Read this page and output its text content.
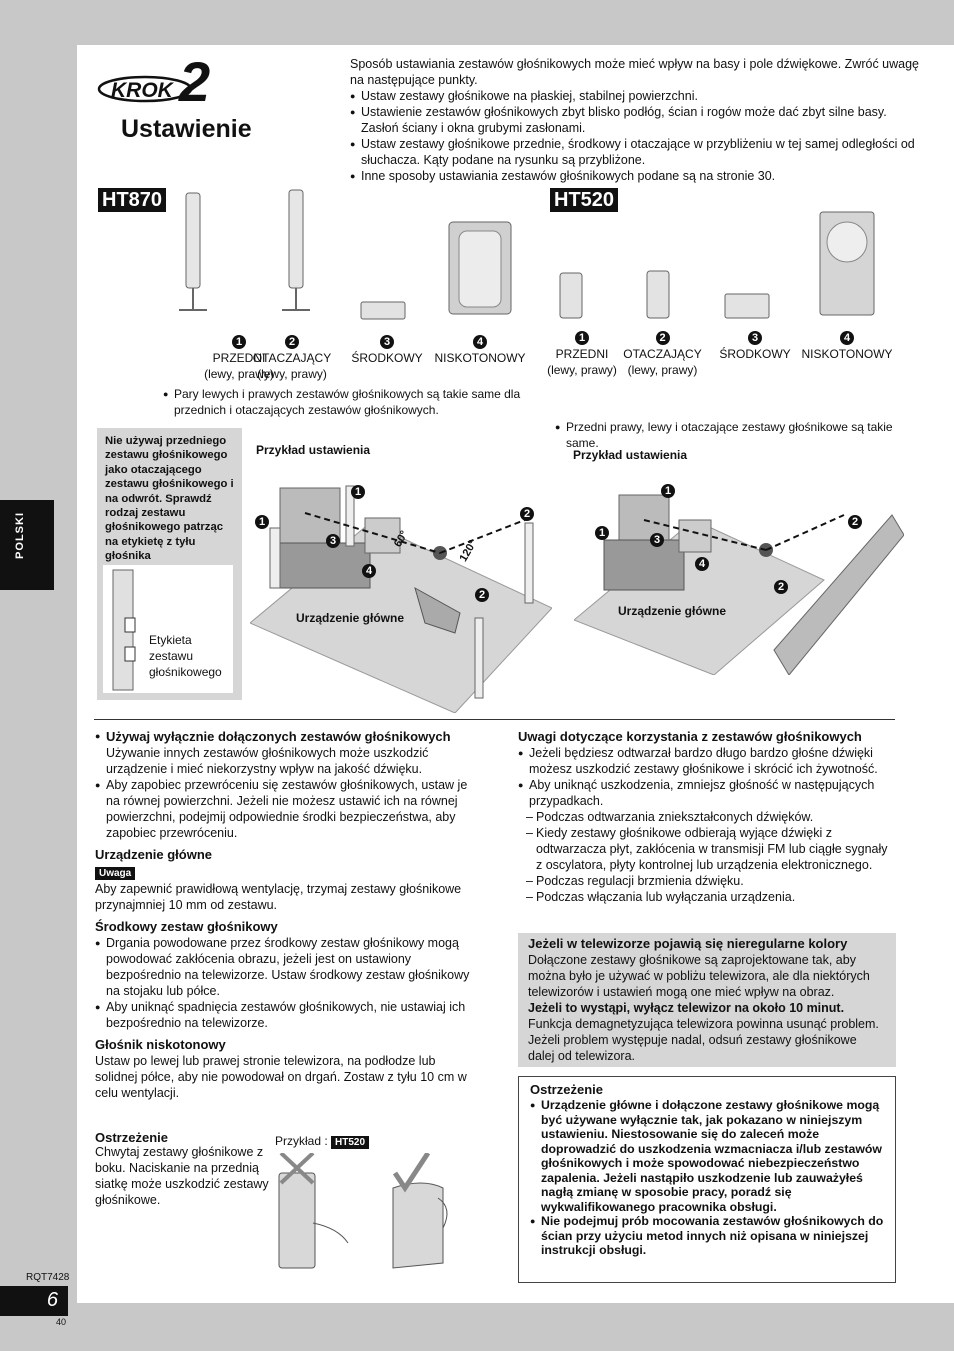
POLSKI
RQT7428
6
40
KROK 2
Ustawienie
Sposób ustawiania zestawów głośnikowych może mieć wpływ na basy i pole dźwiękowe. Zwróć uwagę na następujące punkty.
● Ustaw zestawy głośnikowe na płaskiej, stabilnej powierzchni.
● Ustawienie zestawów głośnikowych zbyt blisko podłóg, ścian i rogów może dać zbyt silne basy. Zasłoń ściany i okna grubymi zasłonami.
● Ustaw zestawy głośnikowe przednie, środkowy i otaczające w przybliżeniu w tej samej odległości od słuchacza. Kąty podane na rysunku są przybliżone.
● Inne sposoby ustawiania zestawów głośnikowych podane są na stronie 30.
HT870
1
PRZEDNI
(lewy, prawy)
2
OTACZAJĄCY
(lewy, prawy)
3
ŚRODKOWY
4
NISKOTONOWY
● Pary lewych i prawych zestawów głośnikowych są takie same dla przednich i otaczających zestawów głośnikowych.
HT520
1
PRZEDNI
(lewy, prawy)
2
OTACZAJĄCY
(lewy, prawy)
3
ŚRODKOWY
4
NISKOTONOWY
● Przedni prawy, lewy i otaczające zestawy głośnikowe są takie same.
Nie używaj przedniego zestawu głośnikowego jako otaczającego zestawu głośnikowego i na odwrót. Sprawdź rodzaj zestawu głośnikowego patrząc na etykietę z tyłu głośnika
Etykieta zestawu głośnikowego
Przykład ustawienia
60°	120°
Urządzenie główne
1
1
2
2
3
4
Przykład ustawienia
Urządzenie główne
1
1
2
2
3
4
● Używaj wyłącznie dołączonych zestawów głośnikowych
Używanie innych zestawów głośnikowych może uszkodzić urządzenie i mieć niekorzystny wpływ na jakość dźwięku.
● Aby zapobiec przewróceniu się zestawów głośnikowych, ustaw je na równej powierzchni. Jeżeli nie możesz ustawić ich na równej powierzchni, podejmij odpowiednie środki bezpieczeństwa, aby zapobiec przewróceniu.
Urządzenie główne
Uwaga
Aby zapewnić prawidłową wentylację, trzymaj zestawy głośnikowe przynajmniej 10 mm od zestawu.
Środkowy zestaw głośnikowy
● Drgania powodowane przez środkowy zestaw głośnikowy mogą powodować zakłócenia obrazu, jeżeli jest on ustawiony bezpośrednio na telewizorze. Ustaw środkowy zestaw głośnikowy na stojaku lub półce.
● Aby uniknąć spadnięcia zestawów głośnikowych, nie ustawiaj ich bezpośrednio na telewizorze.
Głośnik niskotonowy
Ustaw po lewej lub prawej stronie telewizora, na podłodze lub solidnej półce, aby nie powodował on drgań. Zostaw z tyłu 10 cm w celu wentylacji.
Ostrzeżenie
Chwytaj zestawy głośnikowe z boku. Naciskanie na przednią siatkę może uszkodzić zestawy głośnikowe.
Przykład : HT520
Uwagi dotyczące korzystania z zestawów głośnikowych
● Jeżeli będziesz odtwarzał bardzo długo bardzo głośne dźwięki możesz uszkodzić zestawy głośnikowe i skrócić ich żywotność.
● Aby uniknąć uszkodzenia, zmniejsz głośność w następujących przypadkach.
– Podczas odtwarzania zniekształconych dźwięków.
– Kiedy zestawy głośnikowe odbierają wyjące dźwięki z odtwarzacza płyt, zakłócenia w transmisji FM lub ciągłe sygnały z oscylatora, płyty kontrolnej lub urządzenia elektronicznego.
– Podczas regulacji brzmienia dźwięku.
– Podczas włączania lub wyłączania urządzenia.
Jeżeli w telewizorze pojawią się nieregularne kolory
Dołączone zestawy głośnikowe są zaprojektowane tak, aby można było je używać w pobliżu telewizora, ale dla niektórych telewizorów i ustawień mogą one mieć wpływ na obraz.
Jeżeli to wystąpi, wyłącz telewizor na około 10 minut.
Funkcja demagnetyzująca telewizora powinna usunąć problem. Jeżeli problem występuje nadal, odsuń zestawy głośnikowe dalej od telewizora.
Ostrzeżenie
● Urządzenie główne i dołączone zestawy głośnikowe mogą być używane wyłącznie tak, jak pokazano w niniejszym ustawieniu. Niestosowanie się do zaleceń może doprowadzić do uszkodzenia wzmacniacza i/lub zestawów głośnikowych i może spowodować niebezpieczeństwo zapalenia. Jeżeli nastąpiło uszkodzenie lub zauważyłeś nagłą zmianę w sposobie pracy, poradź się wykwalifikowanego pracownika obsługi.
● Nie podejmuj prób mocowania zestawów głośnikowych do ścian przy użyciu metod innych niż opisana w niniejszej instrukcji obsługi.
